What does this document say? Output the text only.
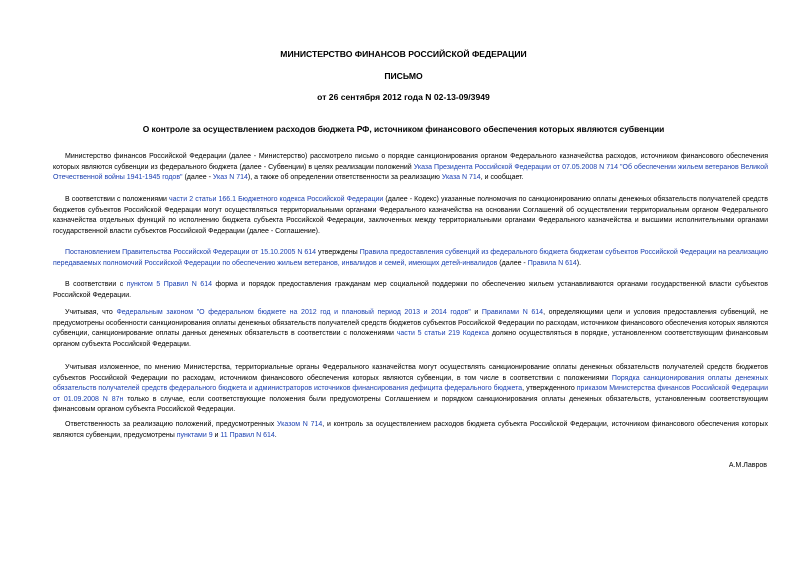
МИНИСТЕРСТВО ФИНАНСОВ РОССИЙСКОЙ ФЕДЕРАЦИИ
ПИСЬМО
от 26 сентября 2012 года N 02-13-09/3949
О контроле за осуществлением расходов бюджета РФ, источником финансового обеспечения которых являются субвенции

Министерство финансов Российской Федерации (далее - Министерство) рассмотрело письмо о порядке санкционирования органом Федерального казначейства расходов, источником финансового обеспечения которых являются субвенции из федерального бюджета (далее - Субвенции) в целях реализации положений Указа Президента Российской Федерации от 07.05.2008 N 714 "Об обеспечении жильем ветеранов Великой Отечественной войны 1941-1945 годов" (далее - Указ N 714), а также об определении ответственности за реализацию Указа N 714, и сообщает.

В соответствии с положениями части 2 статьи 166.1 Бюджетного кодекса Российской Федерации (далее - Кодекс) указанные полномочия по санкционированию оплаты денежных обязательств получателей средств бюджетов субъектов Российской Федерации могут осуществляться территориальными органами Федерального казначейства на основании Соглашений об осуществлении территориальным органом Федерального казначейства отдельных функций по исполнению бюджета субъекта Российской Федерации, заключенных между территориальными органами Федерального казначейства и высшими исполнительными органами государственной власти субъектов Российской Федерации (далее - Соглашение).

Постановлением Правительства Российской Федерации от 15.10.2005 N 614 утверждены Правила предоставления субвенций из федерального бюджета бюджетам субъектов Российской Федерации на реализацию передаваемых полномочий Российской Федерации по обеспечению жильем ветеранов, инвалидов и семей, имеющих детей-инвалидов (далее - Правила N 614).

В соответствии с пунктом 5 Правил N 614 форма и порядок предоставления гражданам мер социальной поддержки по обеспечению жильем устанавливаются органами государственной власти субъектов Российской Федерации.

Учитывая, что Федеральным законом "О федеральном бюджете на 2012 год и плановый период 2013 и 2014 годов" и Правилами N 614, определяющими цели и условия предоставления субвенций, не предусмотрены особенности санкционирования оплаты денежных обязательств получателей средств бюджетов субъектов Российской Федерации по расходам, источником финансового обеспечения которых являются субвенции, санкционирование оплаты данных денежных обязательств в соответствии с положениями части 5 статьи 219 Кодекса должно осуществляться в порядке, установленном соответствующим финансовым органом субъекта Российской Федерации.

Учитывая изложенное, по мнению Министерства, территориальные органы Федерального казначейства могут осуществлять санкционирование оплаты денежных обязательств получателей средств бюджетов субъектов Российской Федерации по расходам, источником финансового обеспечения которых являются субвенции, в том числе в соответствии с положениями Порядка санкционирования оплаты денежных обязательств получателей средств федерального бюджета и администраторов источников финансирования дефицита федерального бюджета, утвержденного приказом Министерства финансов Российской Федерации от 01.09.2008 N 87н только в случае, если соответствующие положения были предусмотрены Соглашением и порядком санкционирования оплаты денежных обязательств, установленным соответствующим финансовым органом субъекта Российской Федерации.

Ответственность за реализацию положений, предусмотренных Указом N 714, и контроль за осуществлением расходов бюджета субъекта Российской Федерации, источником финансового обеспечения которых являются субвенции, предусмотрены пунктами 9 и 11 Правил N 614.

А.М.Лавров
